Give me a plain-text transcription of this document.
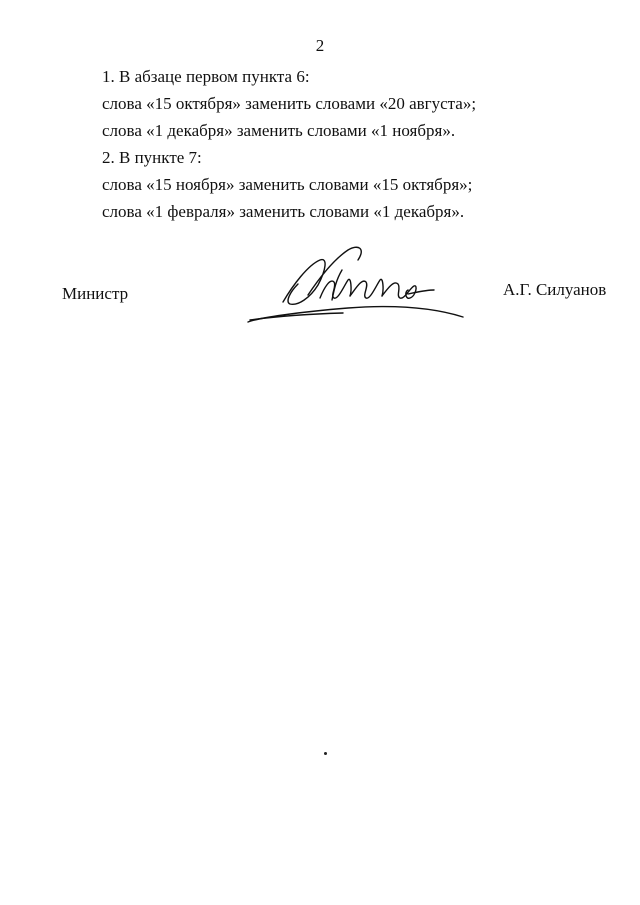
2
1. В абзаце первом пункта 6:
слова «15 октября» заменить словами «20 августа»;
слова «1 декабря» заменить словами «1 ноября».
2. В пункте 7:
слова «15 ноября» заменить словами «15 октября»;
слова «1 февраля» заменить словами «1 декабря».
Министр	А.Г. Силуанов
